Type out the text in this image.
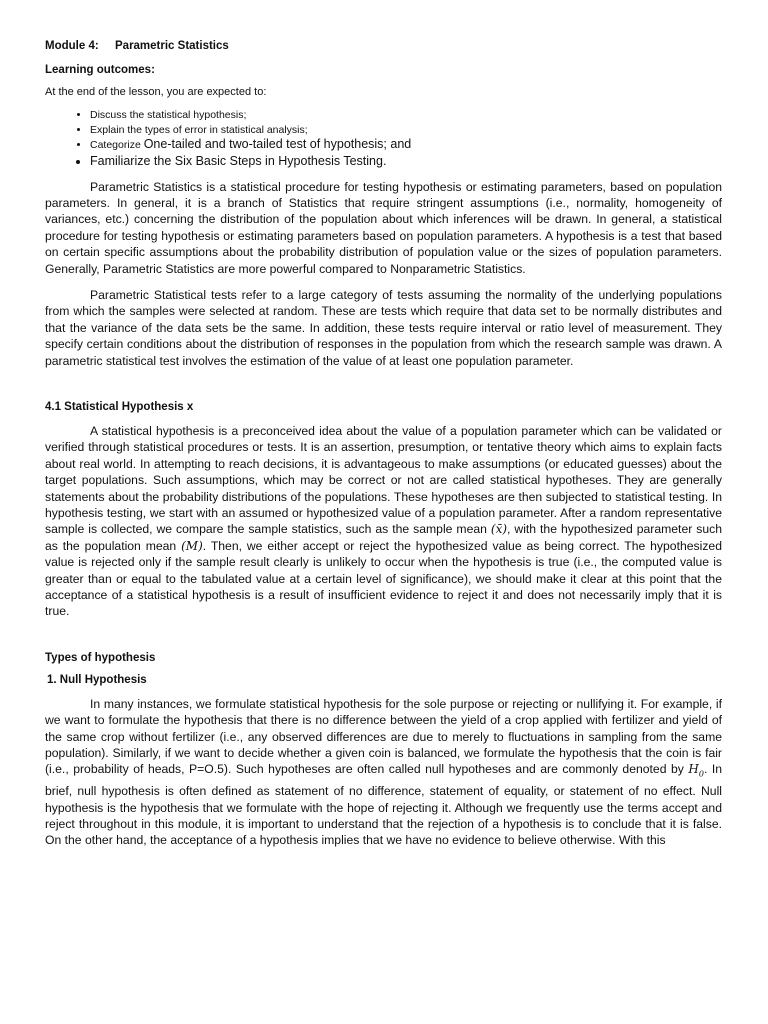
Module 4:	Parametric Statistics
Learning outcomes:
At the end of the lesson, you are expected to:
• Discuss the statistical hypothesis;
• Explain the types of error in statistical analysis;
• Categorize One-tailed and two-tailed test of hypothesis; and
• Familiarize the Six Basic Steps in Hypothesis Testing.

Parametric Statistics is a statistical procedure for testing hypothesis or estimating parameters, based on population parameters. In general, it is a branch of Statistics that require stringent assumptions (i.e., normality, homogeneity of variances, etc.) concerning the distribution of the population about which inferences will be drawn. In general, a statistical procedure for testing hypothesis or estimating parameters based on population parameters. A hypothesis is a test that based on certain specific assumptions about the probability distribution of population value or the sizes of population parameters. Generally, Parametric Statistics are more powerful compared to Nonparametric Statistics.

Parametric Statistical tests refer to a large category of tests assuming the normality of the underlying populations from which the samples were selected at random. These are tests which require that data set to be normally distributes and that the variance of the data sets be the same. In addition, these tests require interval or ratio level of measurement. They specify certain conditions about the distribution of responses in the population from which the research sample was drawn. A parametric statistical test involves the estimation of the value of at least one population parameter.

4.1 Statistical Hypothesis x

A statistical hypothesis is a preconceived idea about the value of a population parameter which can be validated or verified through statistical procedures or tests. It is an assertion, presumption, or tentative theory which aims to explain facts about real world. In attempting to reach decisions, it is advantageous to make assumptions (or educated guesses) about the target populations. Such assumptions, which may be correct or not are called statistical hypotheses. They are generally statements about the probability distributions of the populations. These hypotheses are then subjected to statistical testing. In hypothesis testing, we start with an assumed or hypothesized value of a population parameter. After a random representative sample is collected, we compare the sample statistics, such as the sample mean (x̄), with the hypothesized parameter such as the population mean (M). Then, we either accept or reject the hypothesized value as being correct. The hypothesized value is rejected only if the sample result clearly is unlikely to occur when the hypothesis is true (i.e., the computed value is greater than or equal to the tabulated value at a certain level of significance), we should make it clear at this point that the acceptance of a statistical hypothesis is a result of insufficient evidence to reject it and does not necessarily imply that it is true.

Types of hypothesis
1. Null Hypothesis

In many instances, we formulate statistical hypothesis for the sole purpose or rejecting or nullifying it. For example, if we want to formulate the hypothesis that there is no difference between the yield of a crop applied with fertilizer and yield of the same crop without fertilizer (i.e., any observed differences are due to merely to fluctuations in sampling from the same population). Similarly, if we want to decide whether a given coin is balanced, we formulate the hypothesis that the coin is fair (i.e., probability of heads, P=O.5). Such hypotheses are often called null hypotheses and are commonly denoted by $H_0$. In brief, null hypothesis is often defined as statement of no difference, statement of equality, or statement of no effect. Null hypothesis is the hypothesis that we formulate with the hope of rejecting it. Although we frequently use the terms accept and reject throughout in this module, it is important to understand that the rejection of a hypothesis is to conclude that it is false. On the other hand, the acceptance of a hypothesis implies that we have no evidence to believe otherwise. With this
